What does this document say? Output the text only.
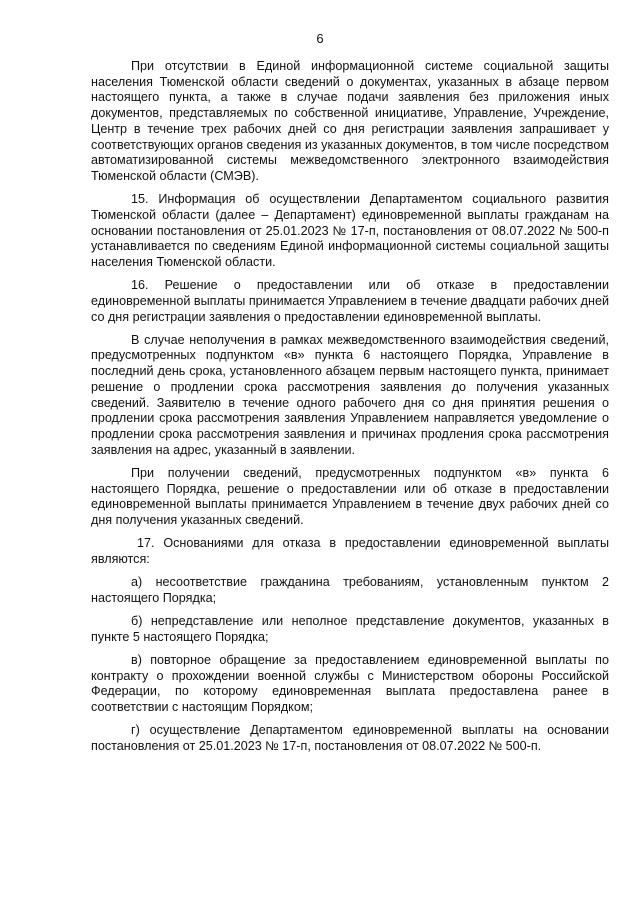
6

При отсутствии в Единой информационной системе социальной защиты населения Тюменской области сведений о документах, указанных в абзаце первом настоящего пункта, а также в случае подачи заявления без приложения иных документов, представляемых по собственной инициативе, Управление, Учреждение, Центр в течение трех рабочих дней со дня регистрации заявления запрашивает у соответствующих органов сведения из указанных документов, в том числе посредством автоматизированной системы межведомственного электронного взаимодействия Тюменской области (СМЭВ).

15. Информация об осуществлении Департаментом социального развития Тюменской области (далее – Департамент) единовременной выплаты гражданам на основании постановления от 25.01.2023 № 17-п, постановления от 08.07.2022 № 500-п устанавливается по сведениям Единой информационной системы социальной защиты населения Тюменской области.

16. Решение о предоставлении или об отказе в предоставлении единовременной выплаты принимается Управлением в течение двадцати рабочих дней со дня регистрации заявления о предоставлении единовременной выплаты.

В случае неполучения в рамках межведомственного взаимодействия сведений, предусмотренных подпунктом «в» пункта 6 настоящего Порядка, Управление в последний день срока, установленного абзацем первым настоящего пункта, принимает решение о продлении срока рассмотрения заявления до получения указанных сведений. Заявителю в течение одного рабочего дня со дня принятия решения о продлении срока рассмотрения заявления Управлением направляется уведомление о продлении срока рассмотрения заявления и причинах продления срока рассмотрения заявления на адрес, указанный в заявлении.

При получении сведений, предусмотренных подпунктом «в» пункта 6 настоящего Порядка, решение о предоставлении или об отказе в предоставлении единовременной выплаты принимается Управлением в течение двух рабочих дней со дня получения указанных сведений.

17. Основаниями для отказа в предоставлении единовременной выплаты являются:

а) несоответствие гражданина требованиям, установленным пунктом 2 настоящего Порядка;

б) непредставление или неполное представление документов, указанных в пункте 5 настоящего Порядка;

в) повторное обращение за предоставлением единовременной выплаты по контракту о прохождении военной службы с Министерством обороны Российской Федерации, по которому единовременная выплата предоставлена ранее в соответствии с настоящим Порядком;

г) осуществление Департаментом единовременной выплаты на основании постановления от 25.01.2023 № 17-п, постановления от 08.07.2022 № 500-п.
